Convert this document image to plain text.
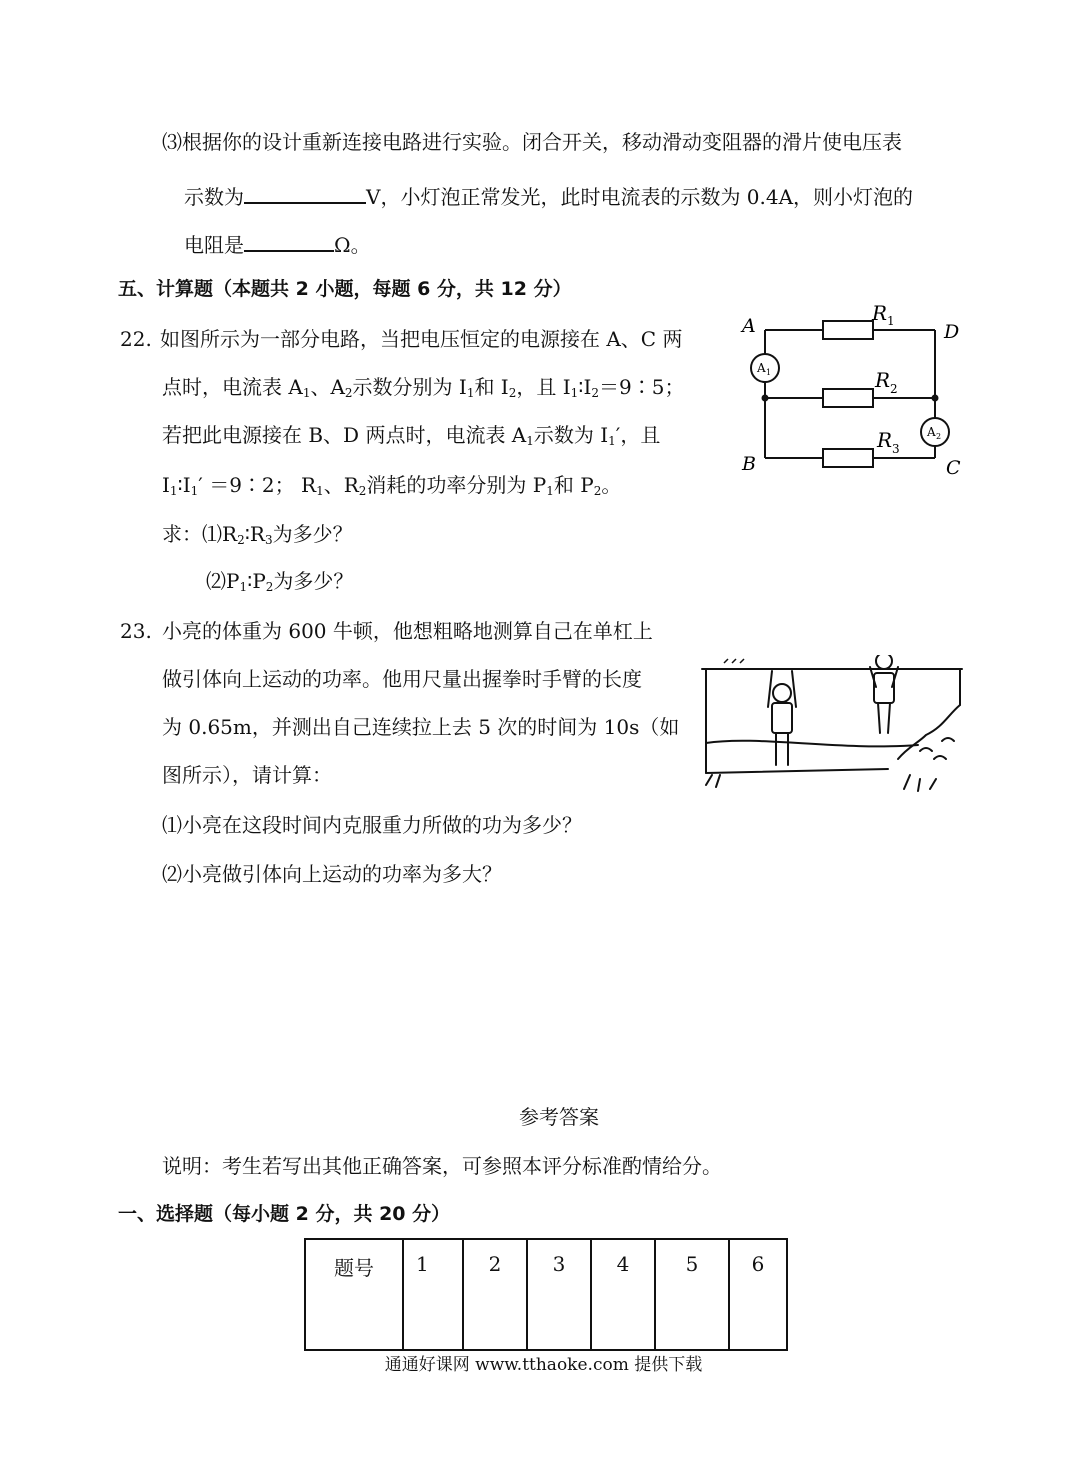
⑶根据你的设计重新连接电路进行实验。闭合开关，移动滑动变阻器的滑片使电压表
示数为	V，小灯泡正常发光，此时电流表的示数为 0.4A，则小灯泡的
电阻是	Ω。
五、计算题（本题共 2 小题，每题 6 分，共 12 分）
22. 如图所示为一部分电路，当把电压恒定的电源接在 A、C 两
点时，电流表 $A_1$、$A_2$示数分别为 $I_1$和 $I_2$，且 $I_1∶I_2=9∶5$；
若把此电源接在 B、D 两点时，电流表 $A_1$示数为 $I_1'$，且
$I_1∶I_1'$ ＝9∶2； $R_1$、$R_2$消耗的功率分别为 $P_1$和 $P_2$。
求：$⑴R_2∶R_3$为多少？
$⑵P_1∶P_2$为多少？
A
B	C
D
R 1
R 2
R 3
A 1
A 2
23. 小亮的体重为 600 牛顿，他想粗略地测算自己在单杠上
做引体向上运动的功率。他用尺量出握拳时手臂的长度
为 0.65m，并测出自己连续拉上去 5 次的时间为 10s（如
图所示），请计算：
⑴小亮在这段时间内克服重力所做的功为多少？
⑵小亮做引体向上运动的功率为多大？
参考答案
说明：考生若写出其他正确答案，可参照本评分标准酌情给分。
一、选择题（每小题 2 分，共 20 分）
题号	1	2	3	4	5	6
通通好课网 www.tthaoke.com 提供下载
